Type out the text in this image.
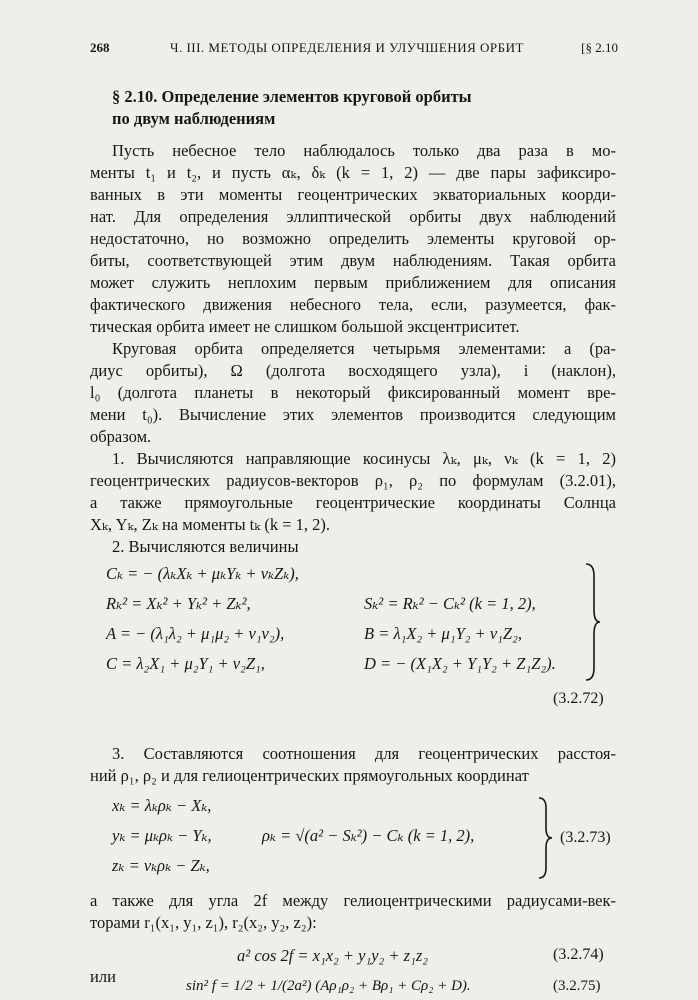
268	Ч. III. МЕТОДЫ ОПРЕДЕЛЕНИЯ И УЛУЧШЕНИЯ ОРБИТ	[§ 2.10
§ 2.10. Определение элементов круговой орбиты
по двум наблюдениям
Пусть небесное тело наблюдалось только два раза в мо-
менты t₁ и t₂, и пусть αₖ, δₖ (k = 1, 2) — две пары зафиксиро-
ванных в эти моменты геоцентрических экваториальных коорди-
нат. Для определения эллиптической орбиты двух наблюдений
недостаточно, но возможно определить элементы круговой ор-
биты, соответствующей этим двум наблюдениям. Такая орбита
может служить неплохим первым приближением для описания
фактического движения небесного тела, если, разумеется, фак-
тическая орбита имеет не слишком большой эксцентриситет.
Круговая орбита определяется четырьмя элементами: a (ра-
диус орбиты), Ω (долгота восходящего узла), i (наклон),
l₀ (долгота планеты в некоторый фиксированный момент вре-
мени t₀). Вычисление этих элементов производится следующим
образом.
1. Вычисляются направляющие косинусы λₖ, μₖ, νₖ (k = 1, 2)
геоцентрических радиусов-векторов ρ₁, ρ₂ по формулам (3.2.01),
а также прямоугольные геоцентрические координаты Солнца
Xₖ, Yₖ, Zₖ на моменты tₖ (k = 1, 2).
2. Вычисляются величины
Cₖ = − (λₖXₖ + μₖYₖ + νₖZₖ),
Rₖ² = Xₖ² + Yₖ² + Zₖ²,	Sₖ² = Rₖ² − Cₖ² (k = 1, 2),
A = − (λ₁λ₂ + μ₁μ₂ + ν₁ν₂),	B = λ₁X₂ + μ₁Y₂ + ν₁Z₂,
C = λ₂X₁ + μ₂Y₁ + ν₂Z₁,	D = − (X₁X₂ + Y₁Y₂ + Z₁Z₂).
(3.2.72)
3. Составляются соотношения для геоцентрических расстоя-
ний ρ₁, ρ₂ и для гелиоцентрических прямоугольных координат
xₖ = λₖρₖ − Xₖ,
yₖ = μₖρₖ − Yₖ,	ρₖ = √(a² − Sₖ²) − Cₖ (k = 1, 2),
zₖ = νₖρₖ − Zₖ,
(3.2.73)
а также для угла 2f между гелиоцентрическими радиусами-век-
торами r₁(x₁, y₁, z₁), r₂(x₂, y₂, z₂):
a² cos 2f = x₁x₂ + y₁y₂ + z₁z₂	(3.2.74)
или	sin² f = 1/2 + 1/(2a²) (Aρ₁ρ₂ + Bρ₁ + Cρ₂ + D).	(3.2.75)
